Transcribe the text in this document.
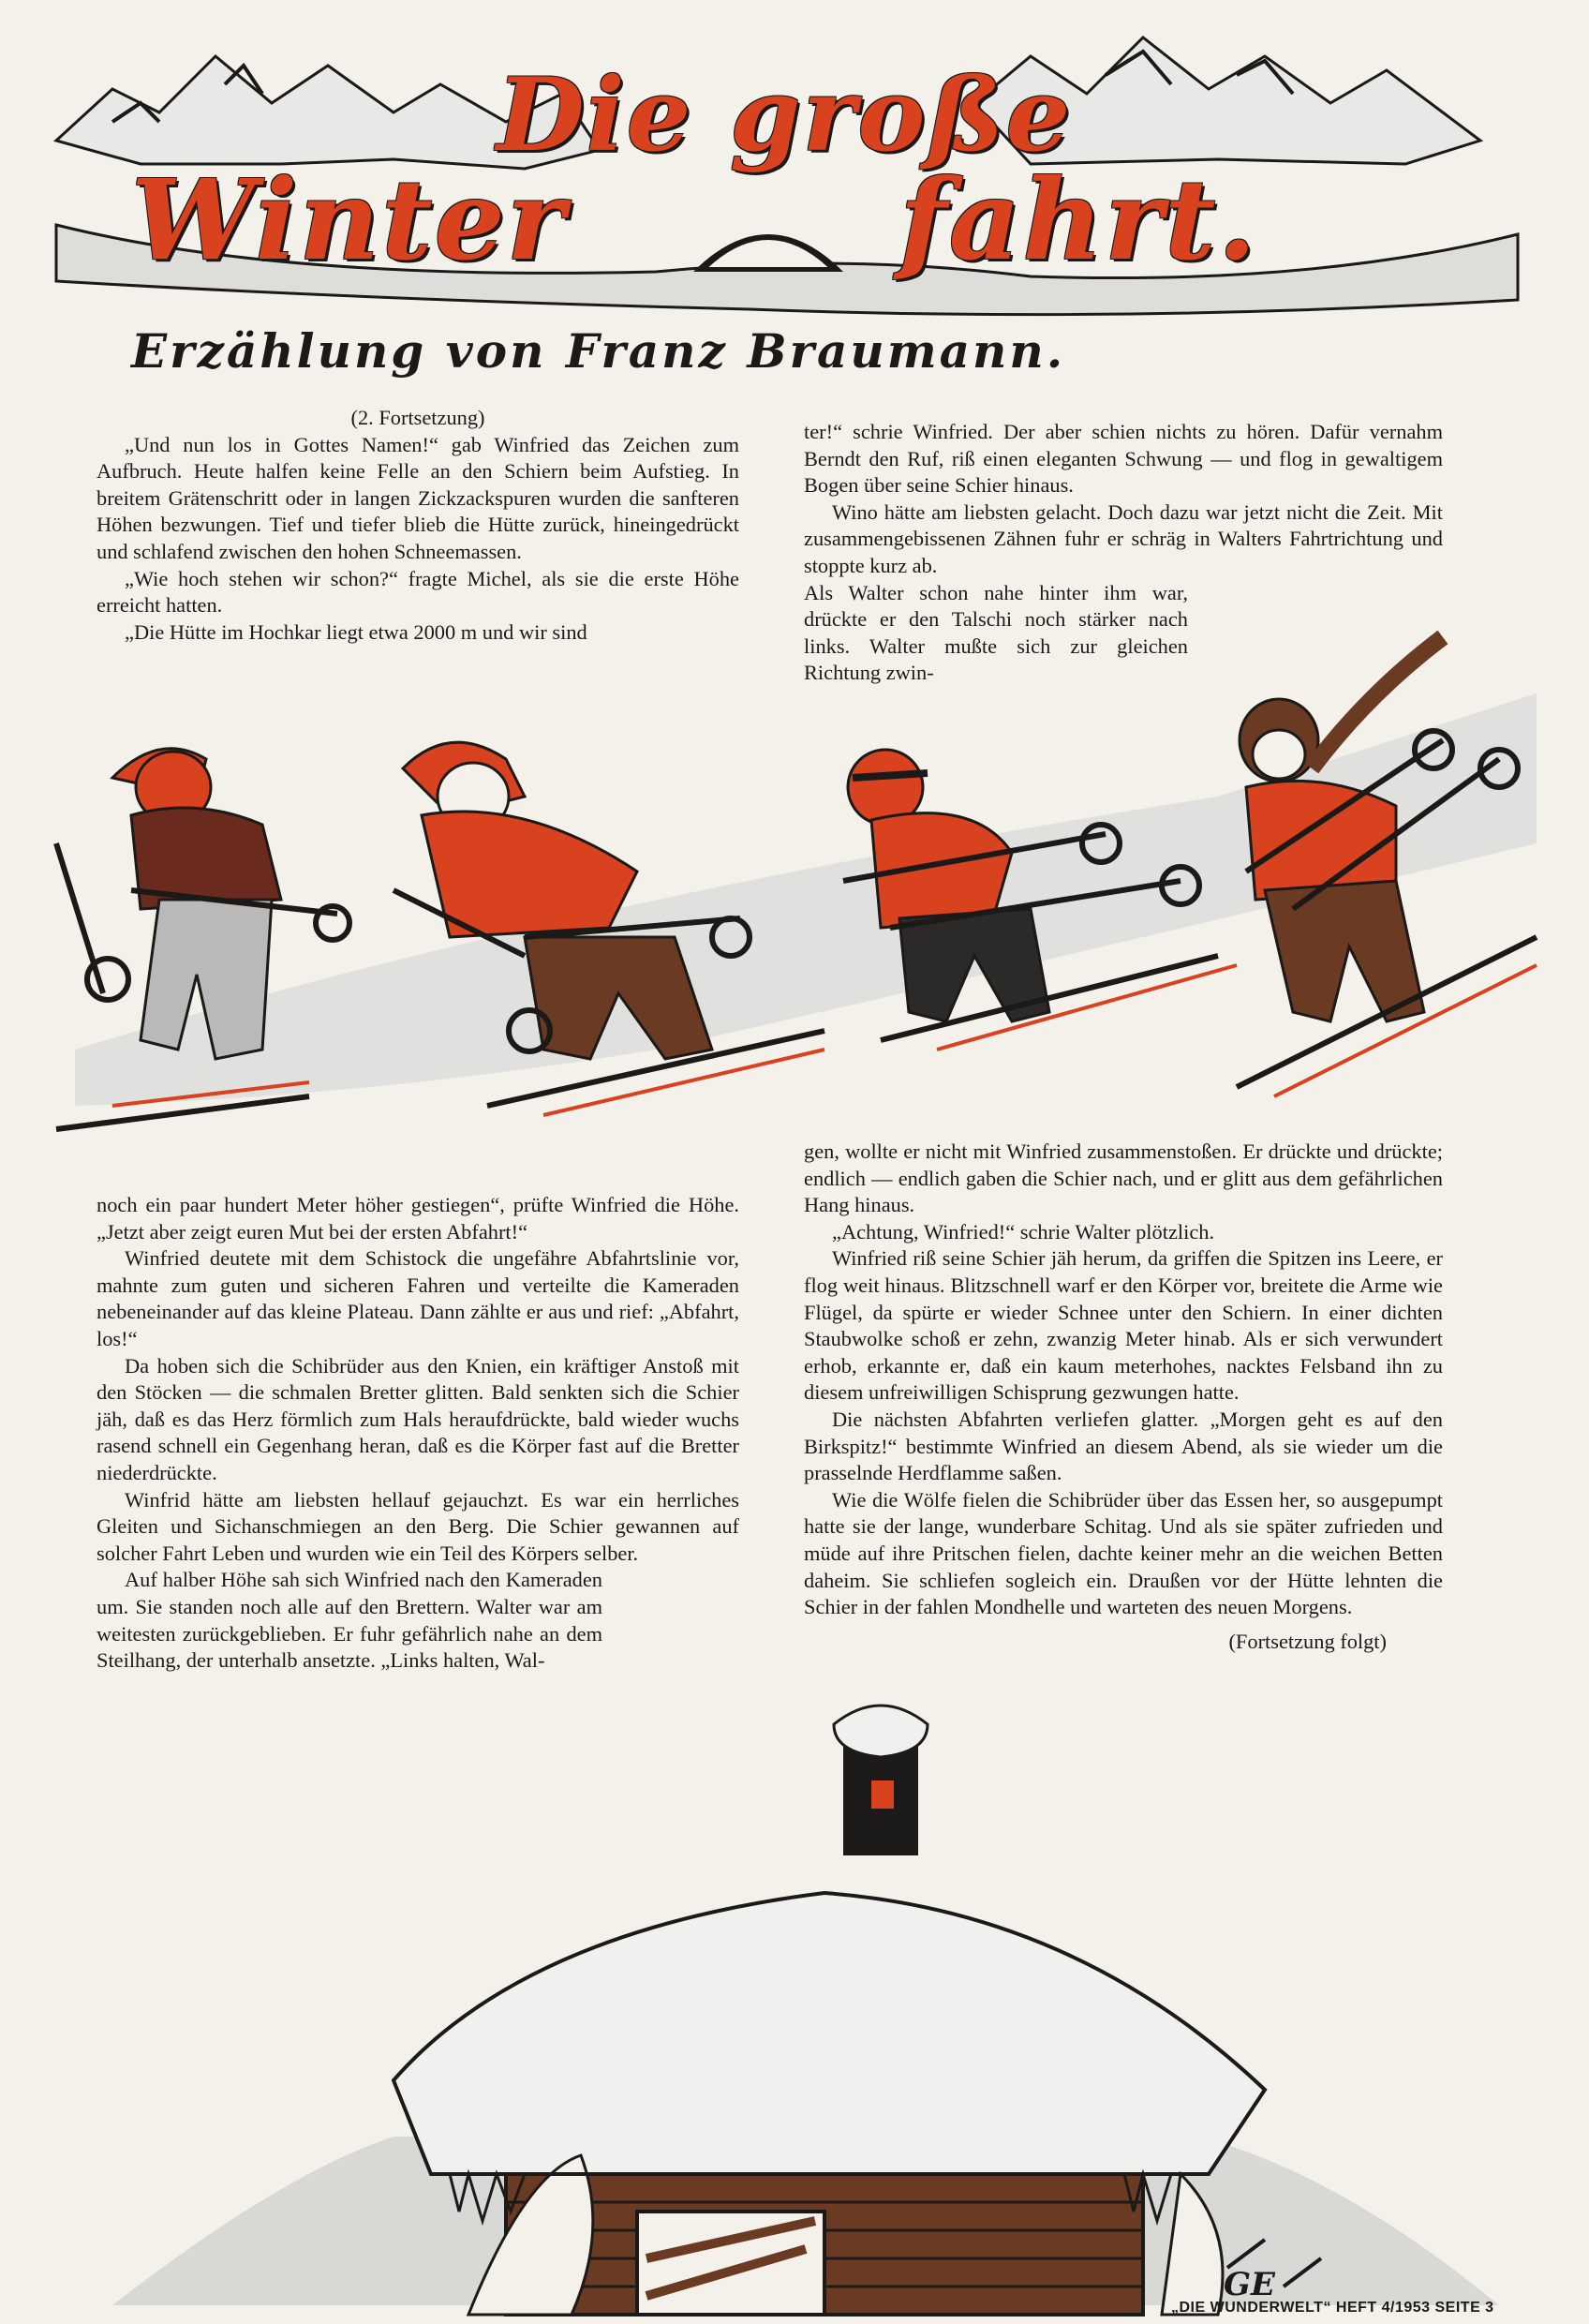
Die große
Winter	fahrt.
Erzählung von Franz Braumann.

(2. Fortsetzung)

„Und nun los in Gottes Namen!“ gab Winfried das Zeichen zum Aufbruch. Heute halfen keine Felle an den Schiern beim Aufstieg. In breitem Grätenschritt oder in langen Zickzackspuren wurden die sanfteren Höhen bezwungen. Tief und tiefer blieb die Hütte zurück, hineingedrückt und schlafend zwischen den hohen Schneemassen.

„Wie hoch stehen wir schon?“ fragte Michel, als sie die erste Höhe erreicht hatten.

„Die Hütte im Hochkar liegt etwa 2000 m und wir sind

ter!“ schrie Winfried. Der aber schien nichts zu hören. Dafür vernahm Berndt den Ruf, riß einen eleganten Schwung — und flog in gewaltigem Bogen über seine Schier hinaus.

Wino hätte am liebsten gelacht. Doch dazu war jetzt nicht die Zeit. Mit zusammengebissenen Zähnen fuhr er schräg in Walters Fahrtrichtung und stoppte kurz ab.

Als Walter schon nahe hinter ihm war, drückte er den Talschi noch stärker nach links. Walter mußte sich zur gleichen Richtung zwin-

gen, wollte er nicht mit Winfried zusammenstoßen. Er drückte und drückte; endlich — endlich gaben die Schier nach, und er glitt aus dem gefährlichen Hang hinaus.

„Achtung, Winfried!“ schrie Walter plötzlich.

Winfried riß seine Schier jäh herum, da griffen die Spitzen ins Leere, er flog weit hinaus. Blitzschnell warf er den Körper vor, breitete die Arme wie Flügel, da spürte er wieder Schnee unter den Schiern. In einer dichten Staubwolke schoß er zehn, zwanzig Meter hinab. Als er sich verwundert erhob, erkannte er, daß ein kaum meterhohes, nacktes Felsband ihn zu diesem unfreiwilligen Schisprung gezwungen hatte.

Die nächsten Abfahrten verliefen glatter. „Morgen geht es auf den Birkspitz!“ bestimmte Winfried an diesem Abend, als sie wieder um die prasselnde Herdflamme saßen.

Wie die Wölfe fielen die Schibrüder über das Essen her, so ausgepumpt hatte sie der lange, wunderbare Schitag. Und als sie später zufrieden und müde auf ihre Pritschen fielen, dachte keiner mehr an die weichen Betten daheim. Sie schliefen sogleich ein. Draußen vor der Hütte lehnten die Schier in der fahlen Mondhelle und warteten des neuen Morgens.

(Fortsetzung folgt)

noch ein paar hundert Meter höher gestiegen“, prüfte Winfried die Höhe. „Jetzt aber zeigt euren Mut bei der ersten Abfahrt!“

Winfried deutete mit dem Schistock die ungefähre Abfahrtslinie vor, mahnte zum guten und sicheren Fahren und verteilte die Kameraden nebeneinander auf das kleine Plateau. Dann zählte er aus und rief: „Abfahrt, los!“

Da hoben sich die Schibrüder aus den Knien, ein kräftiger Anstoß mit den Stöcken — die schmalen Bretter glitten. Bald senkten sich die Schier jäh, daß es das Herz förmlich zum Hals heraufdrückte, bald wieder wuchs rasend schnell ein Gegenhang heran, daß es die Körper fast auf die Bretter niederdrückte.

Winfrid hätte am liebsten hellauf gejauchzt. Es war ein herrliches Gleiten und Sichanschmiegen an den Berg. Die Schier gewannen auf solcher Fahrt Leben und wurden wie ein Teil des Körpers selber.

Auf halber Höhe sah sich Winfried nach den Kameraden um. Sie standen noch alle auf den Brettern. Walter war am weitesten zurückgeblieben. Er fuhr gefährlich nahe an dem Steilhang, der unterhalb ansetzte. „Links halten, Wal-

GE
„DIE WUNDERWELT“ HEFT 4/1953 SEITE 3
